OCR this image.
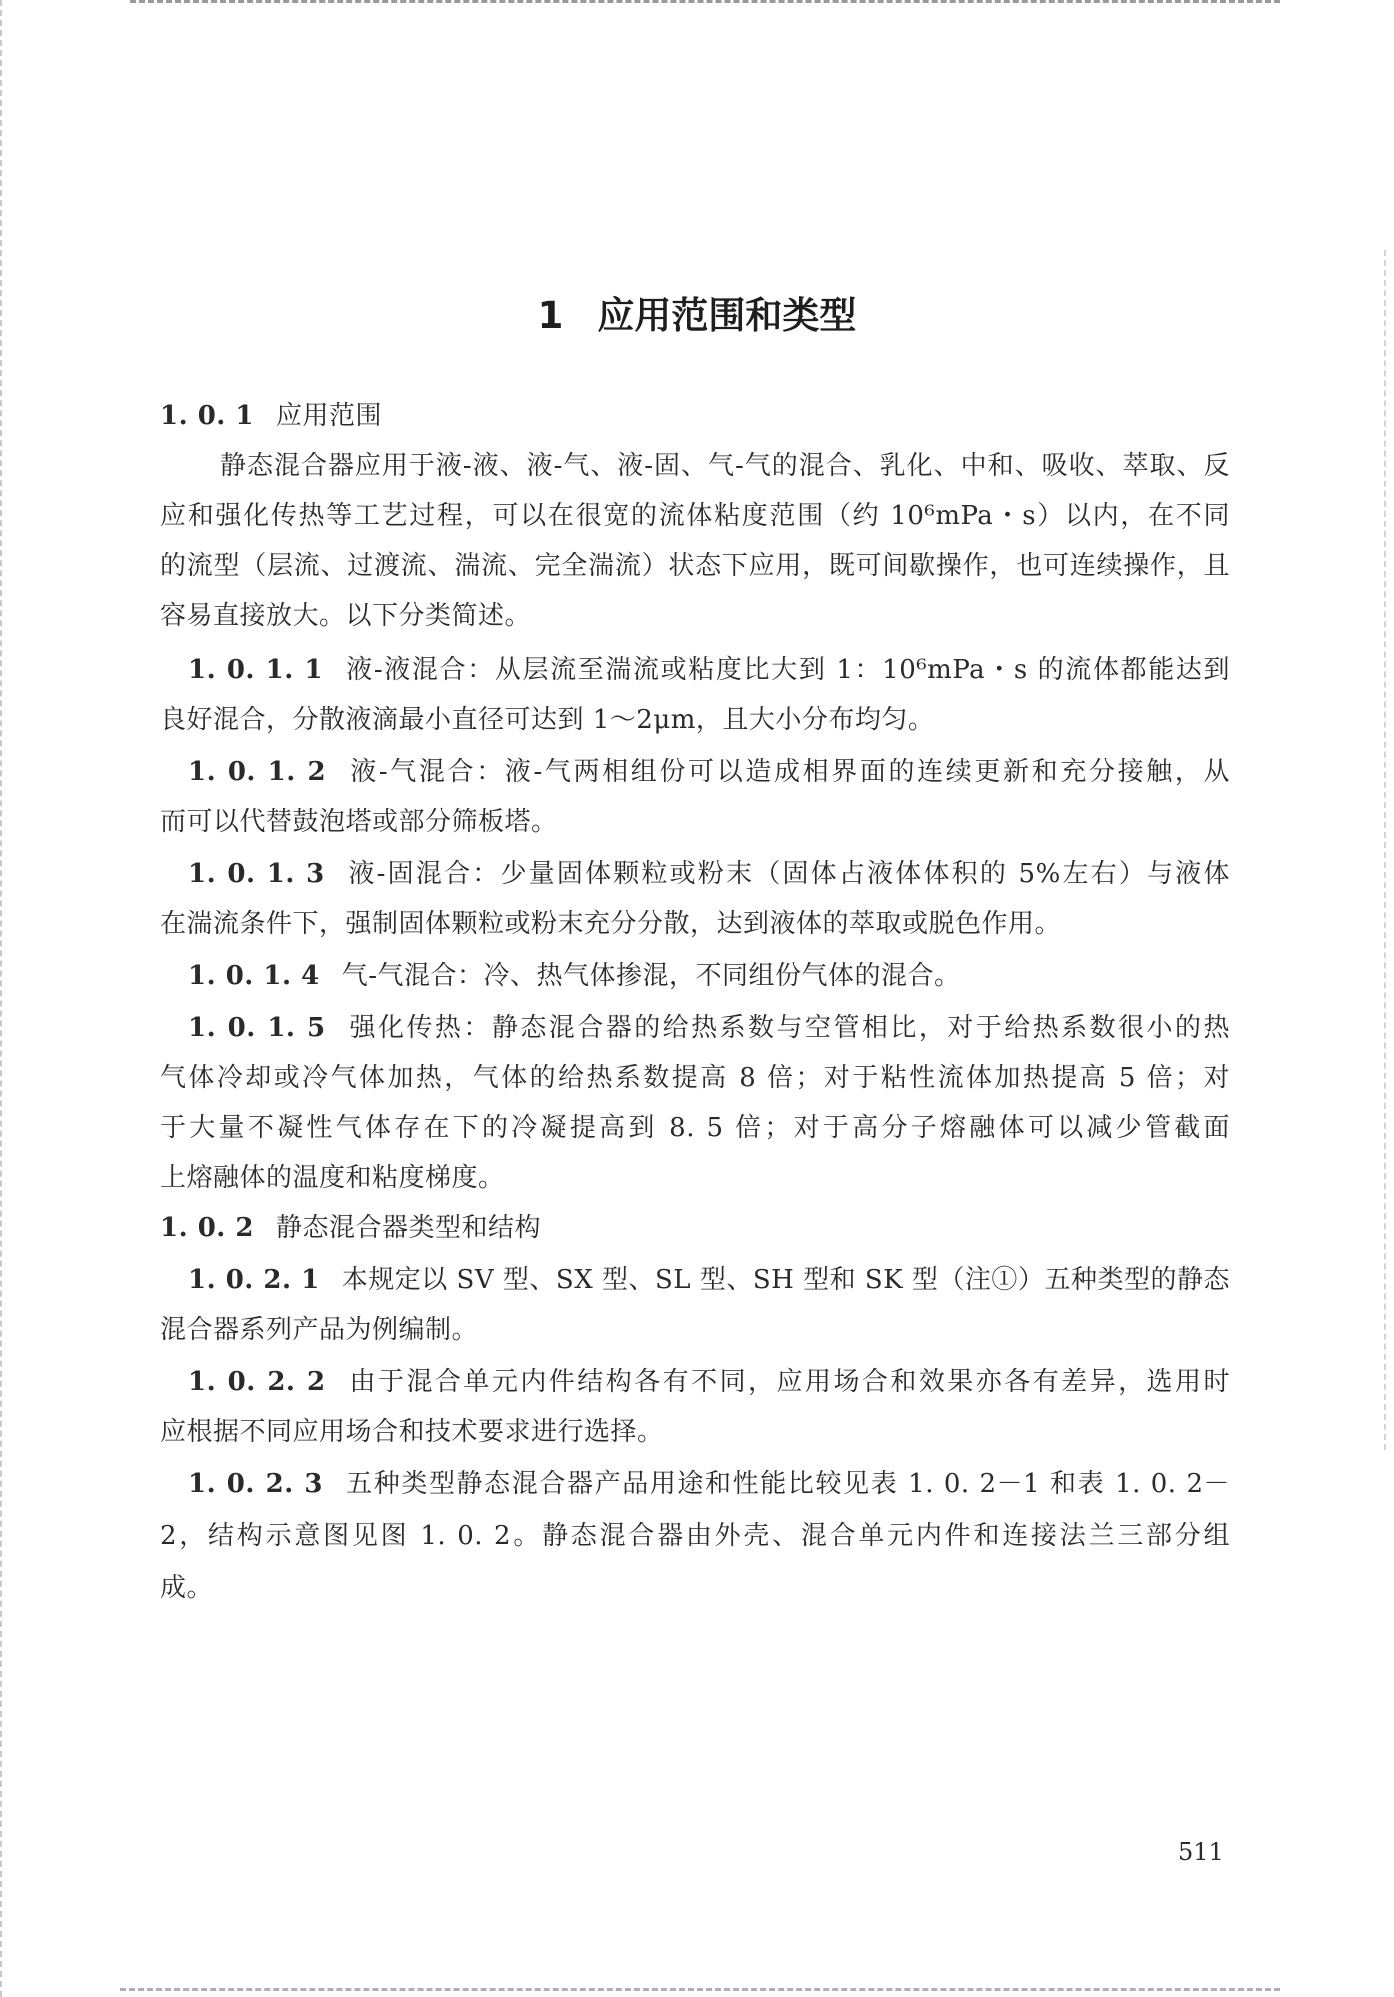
1 应用范围和类型
1. 0. 1 应用范围
静态混合器应用于液-液、液-气、液-固、气-气的混合、乳化、中和、吸收、萃取、反
应和强化传热等工艺过程，可以在很宽的流体粘度范围（约 10⁶mPa・s）以内，在不同
的流型（层流、过渡流、湍流、完全湍流）状态下应用，既可间歇操作，也可连续操作，且
容易直接放大。以下分类简述。
1. 0. 1. 1 液-液混合：从层流至湍流或粘度比大到 1：10⁶mPa・s 的流体都能达到
良好混合，分散液滴最小直径可达到 1～2μm，且大小分布均匀。
1. 0. 1. 2 液-气混合：液-气两相组份可以造成相界面的连续更新和充分接触，从
而可以代替鼓泡塔或部分筛板塔。
1. 0. 1. 3 液-固混合：少量固体颗粒或粉末（固体占液体体积的 5%左右）与液体
在湍流条件下，强制固体颗粒或粉末充分分散，达到液体的萃取或脱色作用。
1. 0. 1. 4 气-气混合：冷、热气体掺混，不同组份气体的混合。
1. 0. 1. 5 强化传热：静态混合器的给热系数与空管相比，对于给热系数很小的热
气体冷却或冷气体加热，气体的给热系数提高 8 倍；对于粘性流体加热提高 5 倍；对
于大量不凝性气体存在下的冷凝提高到 8. 5 倍；对于高分子熔融体可以减少管截面
上熔融体的温度和粘度梯度。
1. 0. 2 静态混合器类型和结构
1. 0. 2. 1 本规定以 SV 型、SX 型、SL 型、SH 型和 SK 型（注①）五种类型的静态
混合器系列产品为例编制。
1. 0. 2. 2 由于混合单元内件结构各有不同，应用场合和效果亦各有差异，选用时
应根据不同应用场合和技术要求进行选择。
1. 0. 2. 3 五种类型静态混合器产品用途和性能比较见表 1. 0. 2－1 和表 1. 0. 2－
2，结构示意图见图 1. 0. 2。静态混合器由外壳、混合单元内件和连接法兰三部分组
成。
511
